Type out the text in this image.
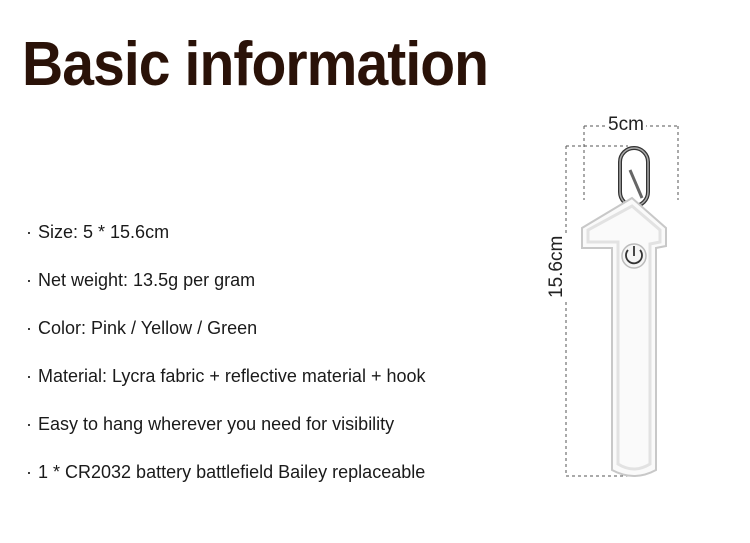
Basic information
· Size: 5 * 15.6cm
· Net weight: 13.5g per gram
· Color: Pink / Yellow / Green
· Material: Lycra fabric + reflective material + hook
· Easy to hang wherever you need for visibility
· 1 * CR2032 battery battlefield Bailey replaceable
5cm
15.6cm
